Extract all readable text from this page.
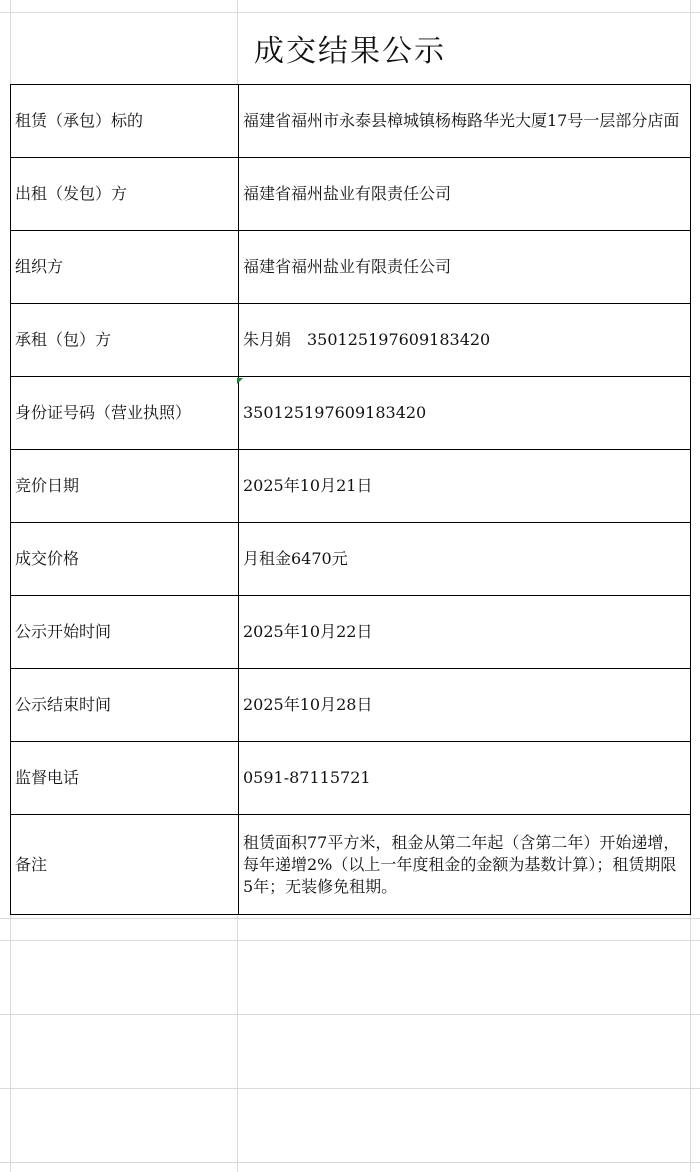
成交结果公示
租赁（承包）标的	福建省福州市永泰县樟城镇杨梅路华光大厦17号一层部分店面
出租（发包）方	福建省福州盐业有限责任公司
组织方	福建省福州盐业有限责任公司
承租（包）方	朱月娟　350125197609183420
身份证号码（营业执照）	350125197609183420
竞价日期	2025年10月21日
成交价格	月租金6470元
公示开始时间	2025年10月22日
公示结束时间	2025年10月28日
监督电话	0591-87115721
备注	租赁面积77平方米，租金从第二年起（含第二年）开始递增，每年递增2%（以上一年度租金的金额为基数计算）；租赁期限5年；无装修免租期。
